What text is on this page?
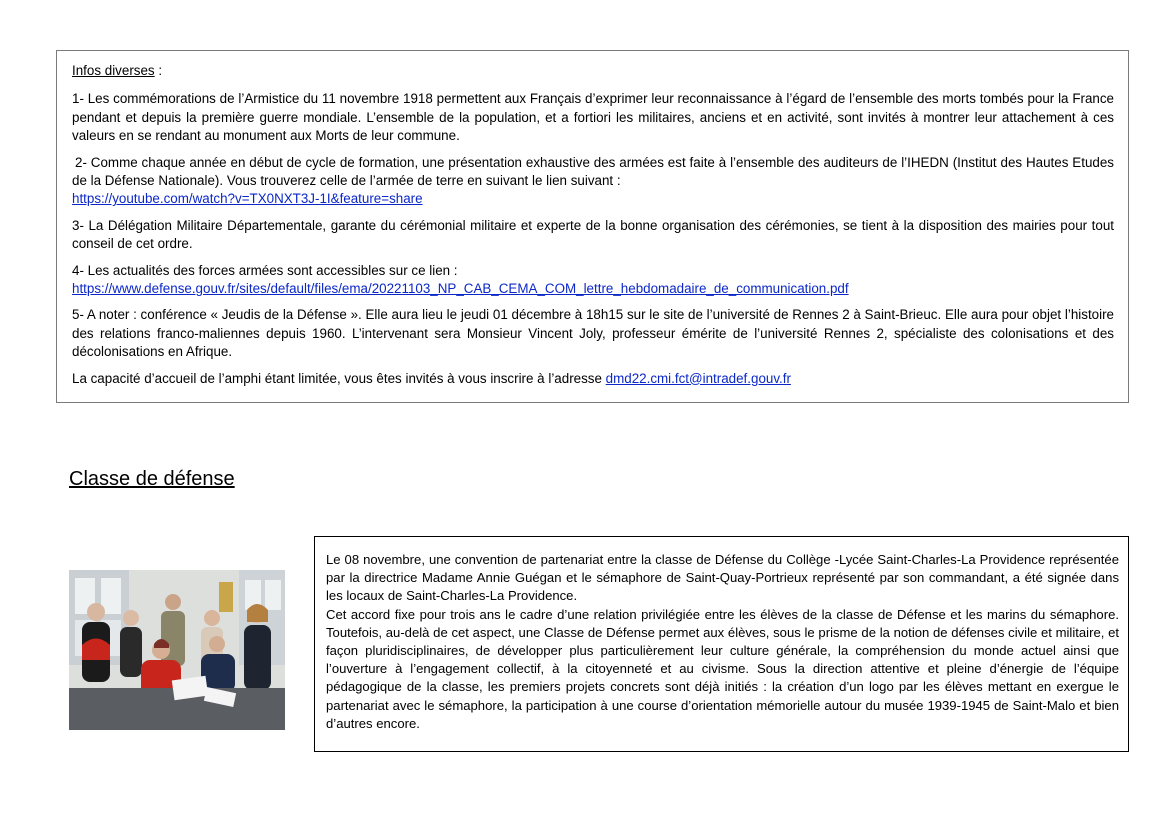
Infos diverses :

1- Les commémorations de l’Armistice du 11 novembre 1918 permettent aux Français d’exprimer leur reconnaissance à l’égard de l’ensemble des morts tombés pour la France pendant et depuis la première guerre mondiale. L’ensemble de la population, et a fortiori les militaires, anciens et en activité, sont invités à montrer leur attachement à ces valeurs en se rendant au monument aux Morts de leur commune.

2- Comme chaque année en début de cycle de formation, une présentation exhaustive des armées est faite à l’ensemble des auditeurs de l’IHEDN (Institut des Hautes Etudes de la Défense Nationale). Vous trouverez celle de l’armée de terre en suivant le lien suivant :
https://youtube.com/watch?v=TX0NXT3J-1I&feature=share

3- La Délégation Militaire Départementale, garante du cérémonial militaire et experte de la bonne organisation des cérémonies, se tient à la disposition des mairies pour tout conseil de cet ordre.

4- Les actualités des forces armées sont accessibles sur ce lien :
https://www.defense.gouv.fr/sites/default/files/ema/20221103_NP_CAB_CEMA_COM_lettre_hebdomadaire_de_communication.pdf

5- A noter : conférence « Jeudis de la Défense ». Elle aura lieu le jeudi 01 décembre à 18h15 sur le site de l’université de Rennes 2 à Saint-Brieuc. Elle aura pour objet l’histoire des relations franco-maliennes depuis 1960. L’intervenant sera Monsieur Vincent Joly, professeur émérite de l’université Rennes 2, spécialiste des colonisations et des décolonisations en Afrique.

La capacité d’accueil de l’amphi étant limitée, vous êtes invités à vous inscrire à l’adresse dmd22.cmi.fct@intradef.gouv.fr

Classe de défense

Le 08 novembre, une convention de partenariat entre la classe de Défense du Collège -Lycée Saint-Charles-La Providence représentée par la directrice Madame Annie Guégan et le sémaphore de Saint-Quay-Portrieux représenté par son commandant, a été signée dans les locaux de Saint-Charles-La Providence.

Cet accord fixe pour trois ans le cadre d’une relation privilégiée entre les élèves de la classe de Défense et les marins du sémaphore. Toutefois, au-delà de cet aspect, une Classe de Défense permet aux élèves, sous le prisme de la notion de défenses civile et militaire, et façon pluridisciplinaires, de développer plus particulièrement leur culture générale, la compréhension du monde actuel ainsi que l’ouverture à l’engagement collectif, à la citoyenneté et au civisme. Sous la direction attentive et pleine d’énergie de l’équipe pédagogique de la classe, les premiers projets concrets sont déjà initiés : la création d’un logo par les élèves mettant en exergue le partenariat avec le sémaphore, la participation à une course d’orientation mémorielle autour du musée 1939-1945 de Saint-Malo et bien d’autres encore.
